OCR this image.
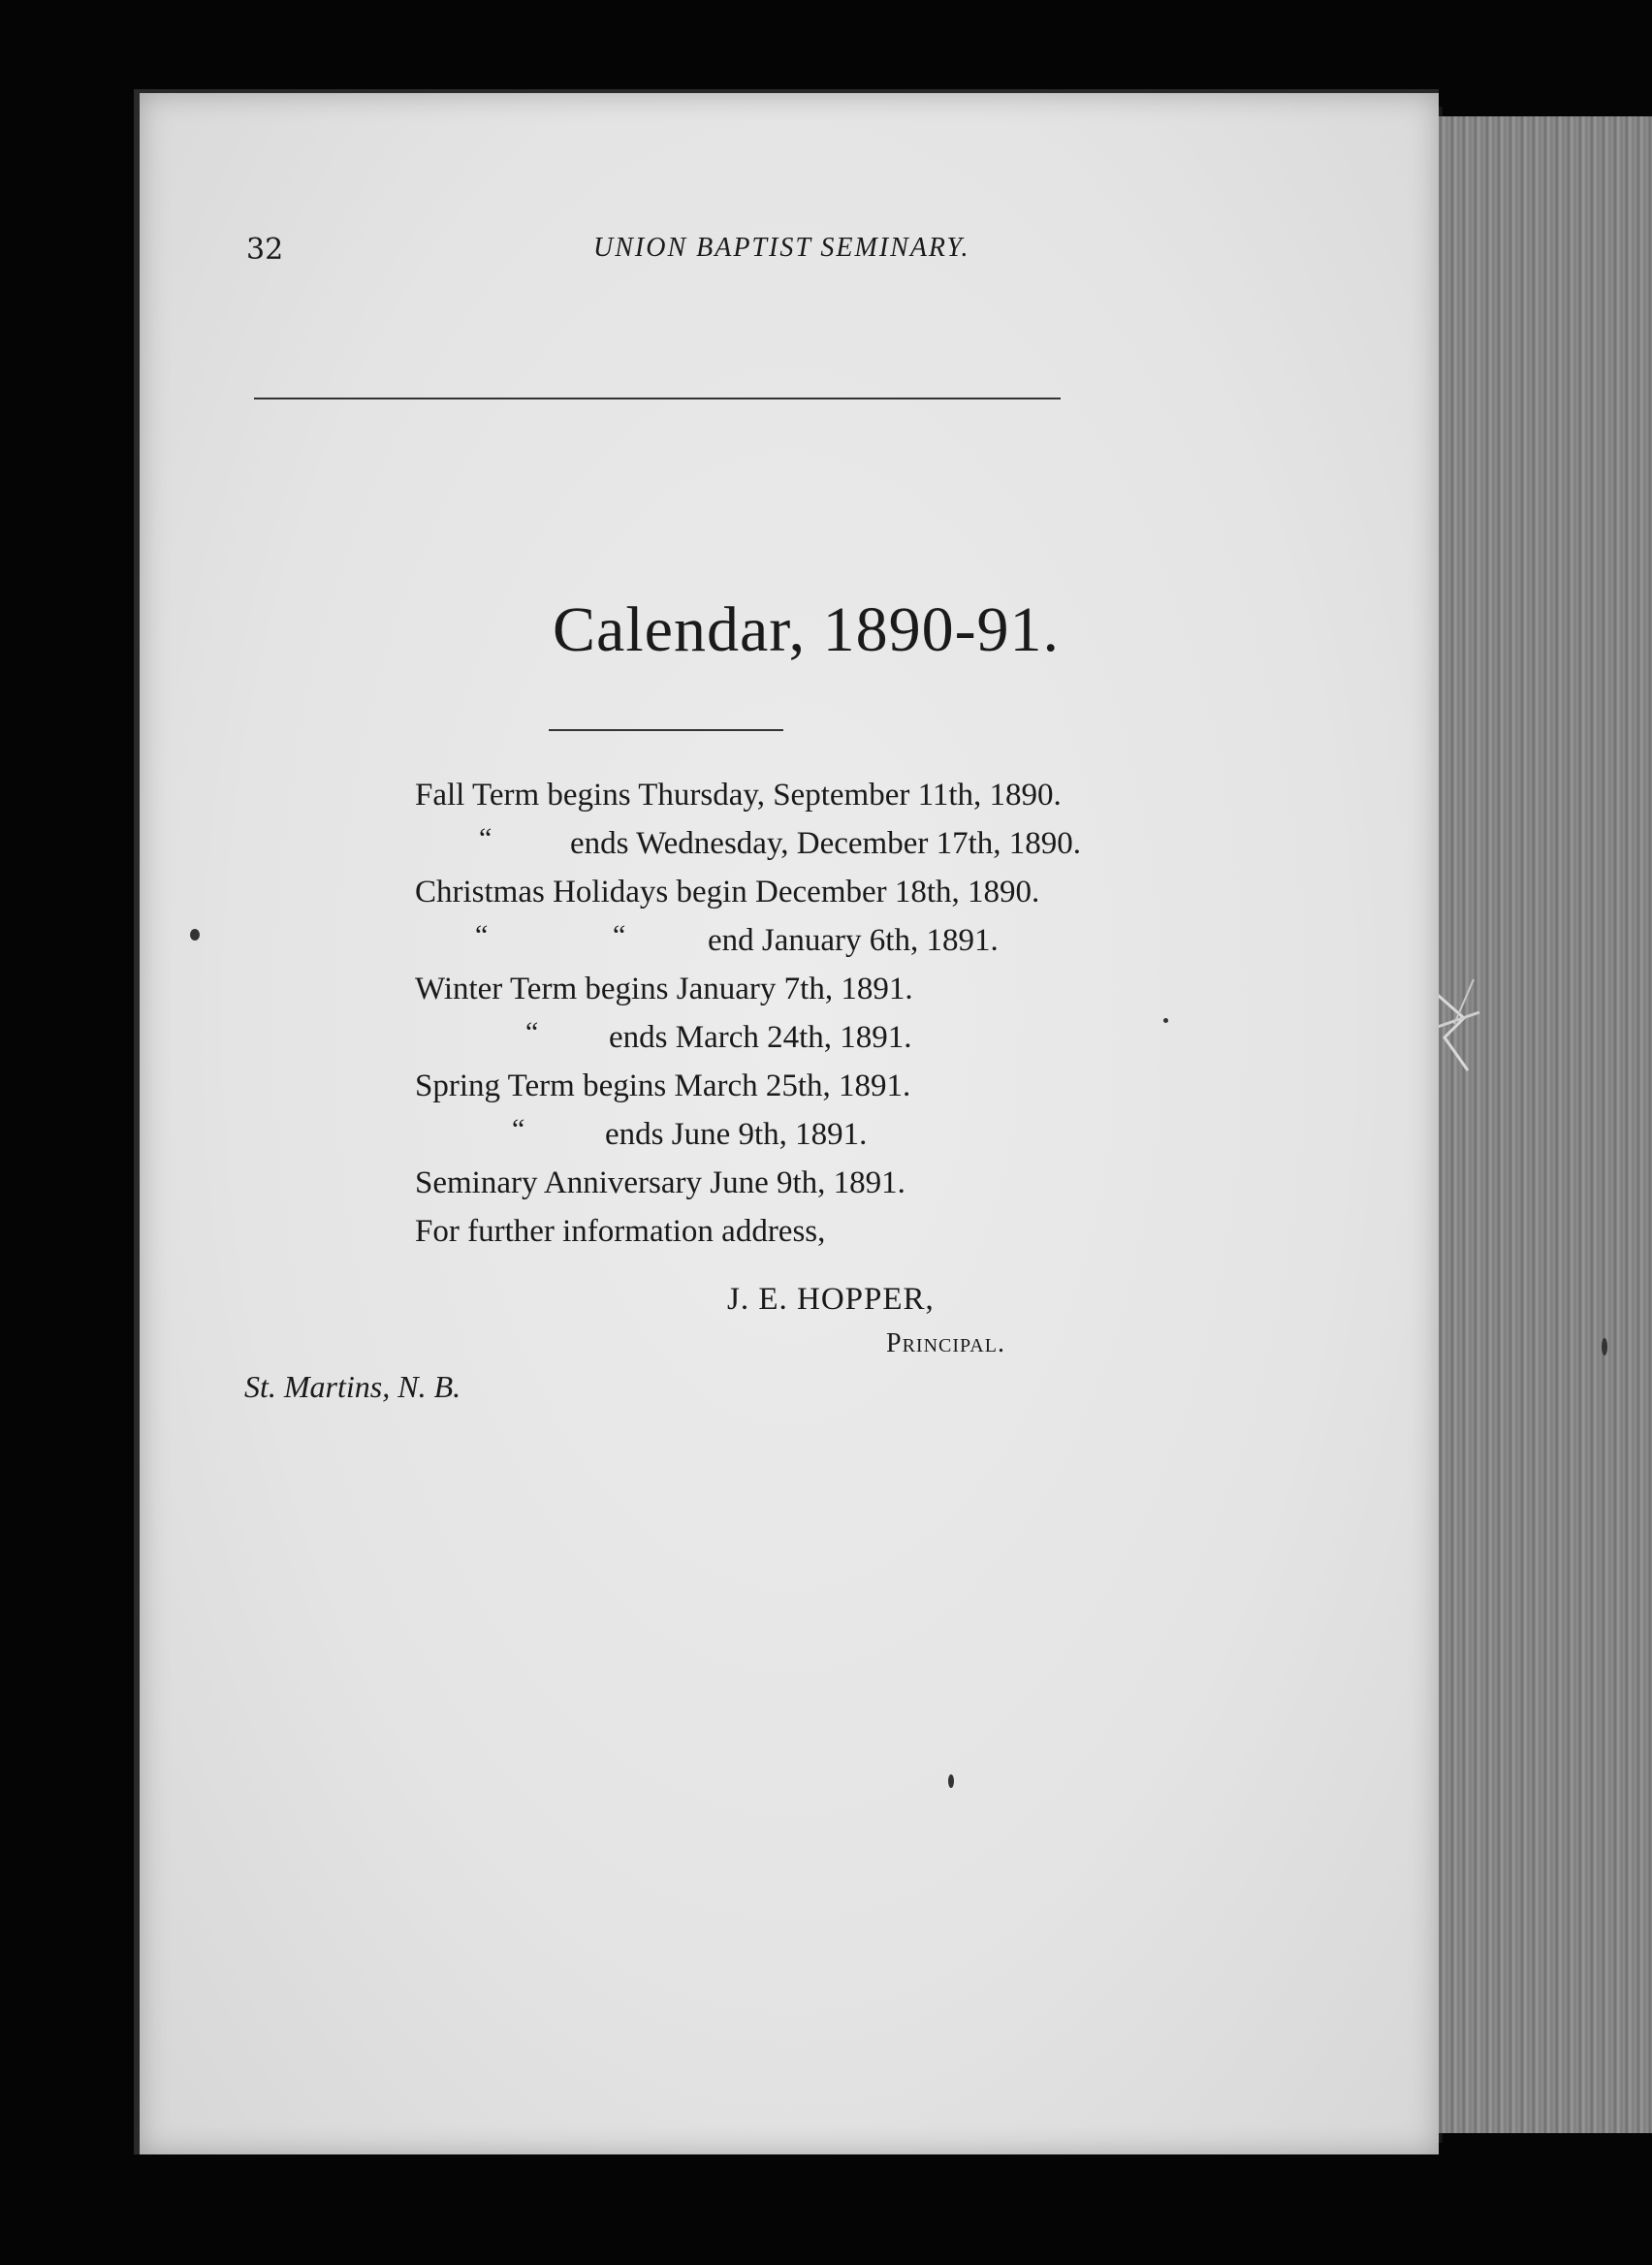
32	UNION BAPTIST SEMINARY.
Calendar, 1890-91.
Fall Term begins Thursday, September 11th, 1890.
ends Wednesday, December 17th, 1890.
“
Christmas Holidays begin December 18th, 1890.
end January 6th, 1891.
“	“
Winter Term begins January 7th, 1891.
ends March 24th, 1891.
“
Spring Term begins March 25th, 1891.
ends June 9th, 1891.
“
Seminary Anniversary June 9th, 1891.
For further information address,
J. E. HOPPER,
Principal.
St. Martins, N. B.
